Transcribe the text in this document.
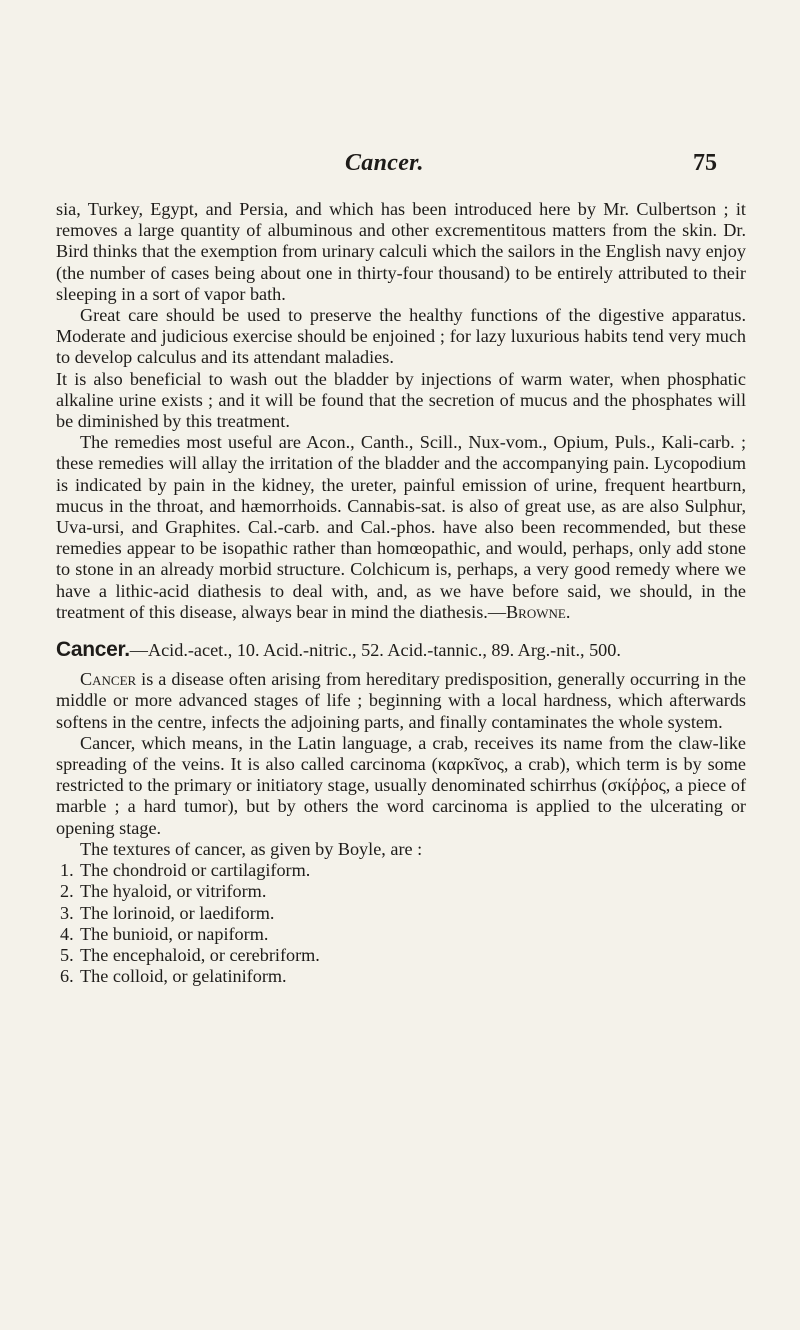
Cancer.	75

sia, Turkey, Egypt, and Persia, and which has been introduced here by Mr. Culbertson ; it removes a large quantity of albuminous and other excrementitous matters from the skin. Dr. Bird thinks that the exemption from urinary calculi which the sailors in the English navy enjoy (the number of cases being about one in thirty-four thousand) to be entirely attributed to their sleeping in a sort of vapor bath.

Great care should be used to preserve the healthy functions of the digestive apparatus. Moderate and judicious exercise should be enjoined ; for lazy luxurious habits tend very much to develop calculus and its attendant maladies.

It is also beneficial to wash out the bladder by injections of warm water, when phosphatic alkaline urine exists ; and it will be found that the secretion of mucus and the phosphates will be diminished by this treatment.

The remedies most useful are Acon., Canth., Scill., Nux-vom., Opium, Puls., Kali-carb. ; these remedies will allay the irritation of the bladder and the accompanying pain. Lycopodium is indicated by pain in the kidney, the ureter, painful emission of urine, frequent heartburn, mucus in the throat, and hæmorrhoids. Cannabis-sat. is also of great use, as are also Sulphur, Uva-ursi, and Graphites. Cal.-carb. and Cal.-phos. have also been recommended, but these remedies appear to be isopathic rather than homœopathic, and would, perhaps, only add stone to stone in an already morbid structure. Colchicum is, perhaps, a very good remedy where we have a lithic-acid diathesis to deal with, and, as we have before said, we should, in the treatment of this disease, always bear in mind the diathesis.—Browne.

Cancer.—Acid.-acet., 10. Acid.-nitric., 52. Acid.-tannic., 89. Arg.-nit., 500.

Cancer is a disease often arising from hereditary predisposition, generally occurring in the middle or more advanced stages of life ; beginning with a local hardness, which afterwards softens in the centre, infects the adjoining parts, and finally contaminates the whole system.

Cancer, which means, in the Latin language, a crab, receives its name from the claw-like spreading of the veins. It is also called carcinoma (καρκῖνος, a crab), which term is by some restricted to the primary or initiatory stage, usually denominated schirrhus (σκίῤῥος, a piece of marble ; a hard tumor), but by others the word carcinoma is applied to the ulcerating or opening stage.

The textures of cancer, as given by Boyle, are :

1. The chondroid or cartilagiform.
2. The hyaloid, or vitriform.
3. The lorinoid, or laediform.
4. The bunioid, or napiform.
5. The encephaloid, or cerebriform.
6. The colloid, or gelatiniform.
